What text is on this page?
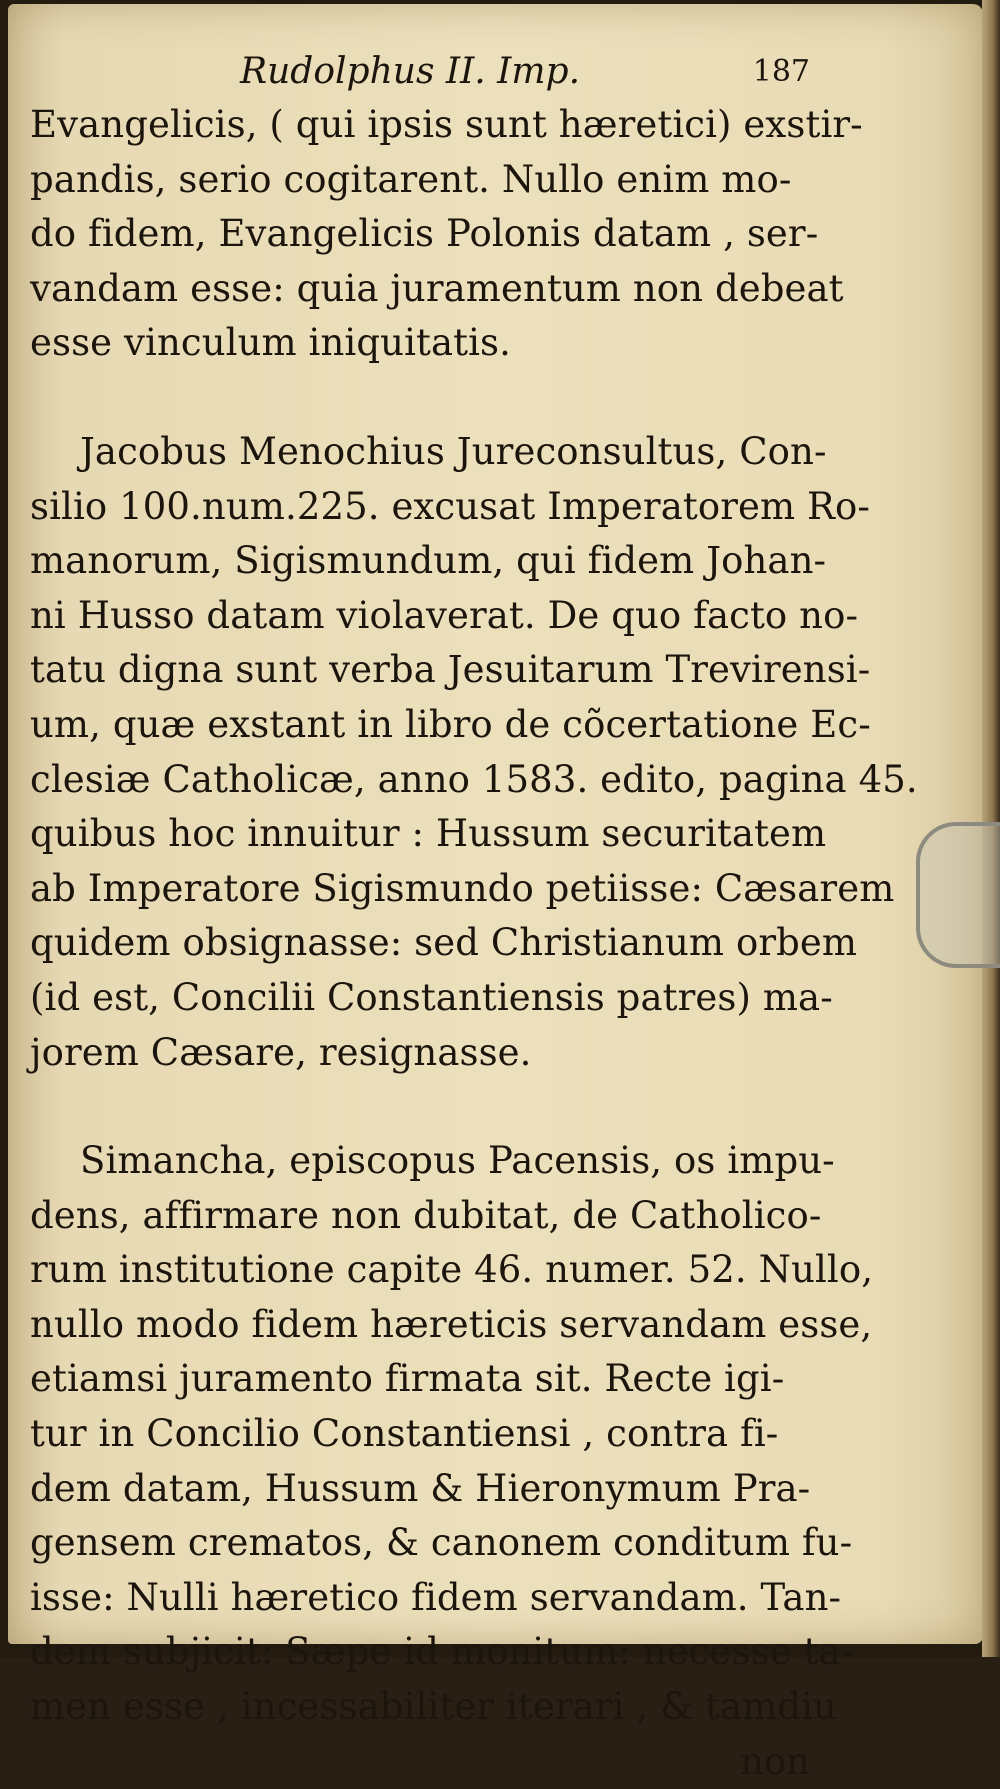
Rudolphus II. Imp.	187
Evangelicis, ( qui ipsis sunt hæretici) exstir-
pandis, serio cogitarent. Nullo enim mo-
do fidem, Evangelicis Polonis datam , ser-
vandam esse: quia juramentum non debeat
esse vinculum iniquitatis.
Jacobus Menochius Jureconsultus, Con-
silio 100.num.225. excusat Imperatorem Ro-
manorum, Sigismundum, qui fidem Johan-
ni Husso datam violaverat. De quo facto no-
tatu digna sunt verba Jesuitarum Trevirensi-
um, quæ exstant in libro de cõcertatione Ec-
clesiæ Catholicæ, anno 1583. edito, pagina 45.
quibus hoc innuitur : Hussum securitatem
ab Imperatore Sigismundo petiisse: Cæsarem
quidem obsignasse: sed Christianum orbem
(id est, Concilii Constantiensis patres) ma-
jorem Cæsare, resignasse.
Simancha, episcopus Pacensis, os impu-
dens, affirmare non dubitat, de Catholico-
rum institutione capite 46. numer. 52. Nullo,
nullo modo fidem hæreticis servandam esse,
etiamsi juramento firmata sit. Recte igi-
tur in Concilio Constantiensi , contra fi-
dem datam, Hussum & Hieronymum Pra-
gensem crematos, & canonem conditum fu-
isse: Nulli hæretico fidem servandam. Tan-
dem subjicit: Sæpe id monitum: necesse ta-
men esse , incessabiliter iterari , & tamdiu
non
